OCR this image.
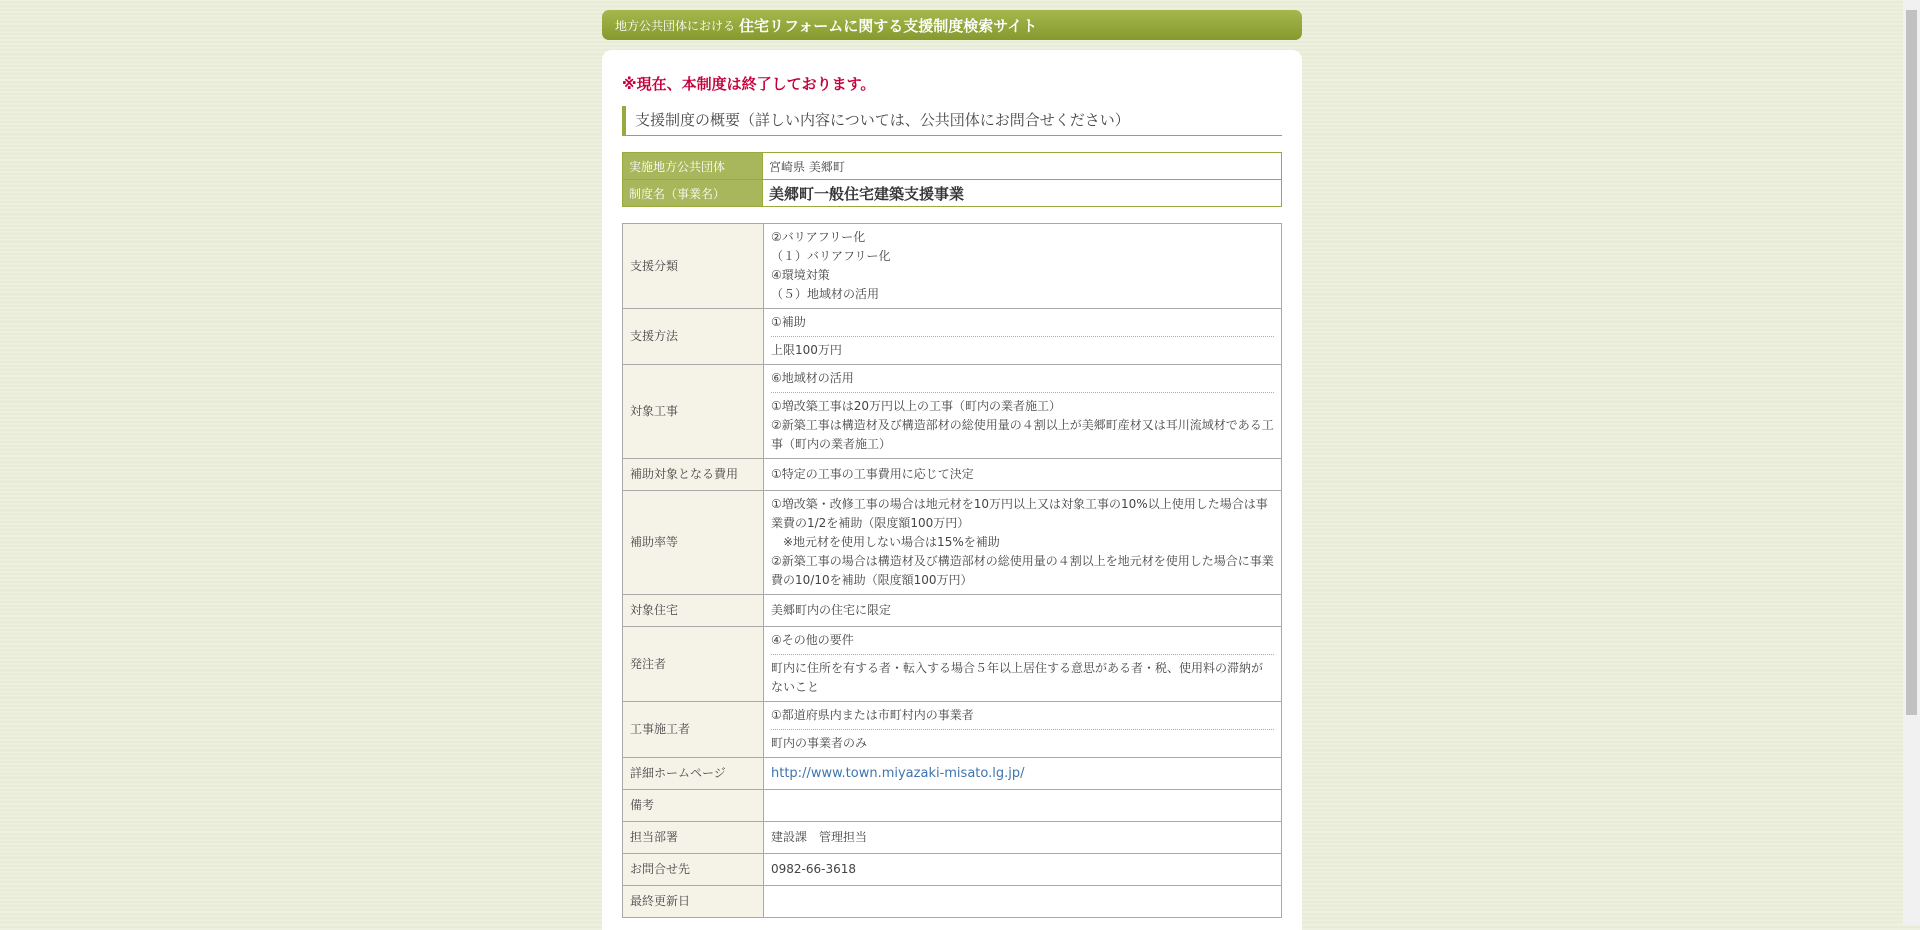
地方公共団体における 住宅リフォームに関する支援制度検索サイト
※現在、本制度は終了しております。
支援制度の概要（詳しい内容については、公共団体にお問合せください）
実施地方公共団体	宮崎県 美郷町
制度名（事業名）	美郷町一般住宅建築支援事業
支援分類	②バリアフリー化
（１）バリアフリー化
④環境対策
（５）地域材の活用

支援方法	①補助
上限100万円

対象工事	⑥地域材の活用
①増改築工事は20万円以上の工事（町内の業者施工）
②新築工事は構造材及び構造部材の総使用量の４割以上が美郷町産材又は耳川流域材である工事（町内の業者施工）

補助対象となる費用	①特定の工事の工事費用に応じて決定

補助率等	①増改築・改修工事の場合は地元材を10万円以上又は対象工事の10%以上使用した場合は事業費の1/2を補助（限度額100万円）
　※地元材を使用しない場合は15%を補助
②新築工事の場合は構造材及び構造部材の総使用量の４割以上を地元材を使用した場合に事業費の10/10を補助（限度額100万円）

対象住宅	美郷町内の住宅に限定

発注者	④その他の要件
町内に住所を有する者・転入する場合５年以上居住する意思がある者・税、使用料の滞納がないこと

工事施工者	①都道府県内または市町村内の事業者
町内の事業者のみ

詳細ホームページ	http://www.town.miyazaki-misato.lg.jp/
備考	
担当部署	建設課　管理担当

お問合せ先	0982-66-3618

最終更新日	
